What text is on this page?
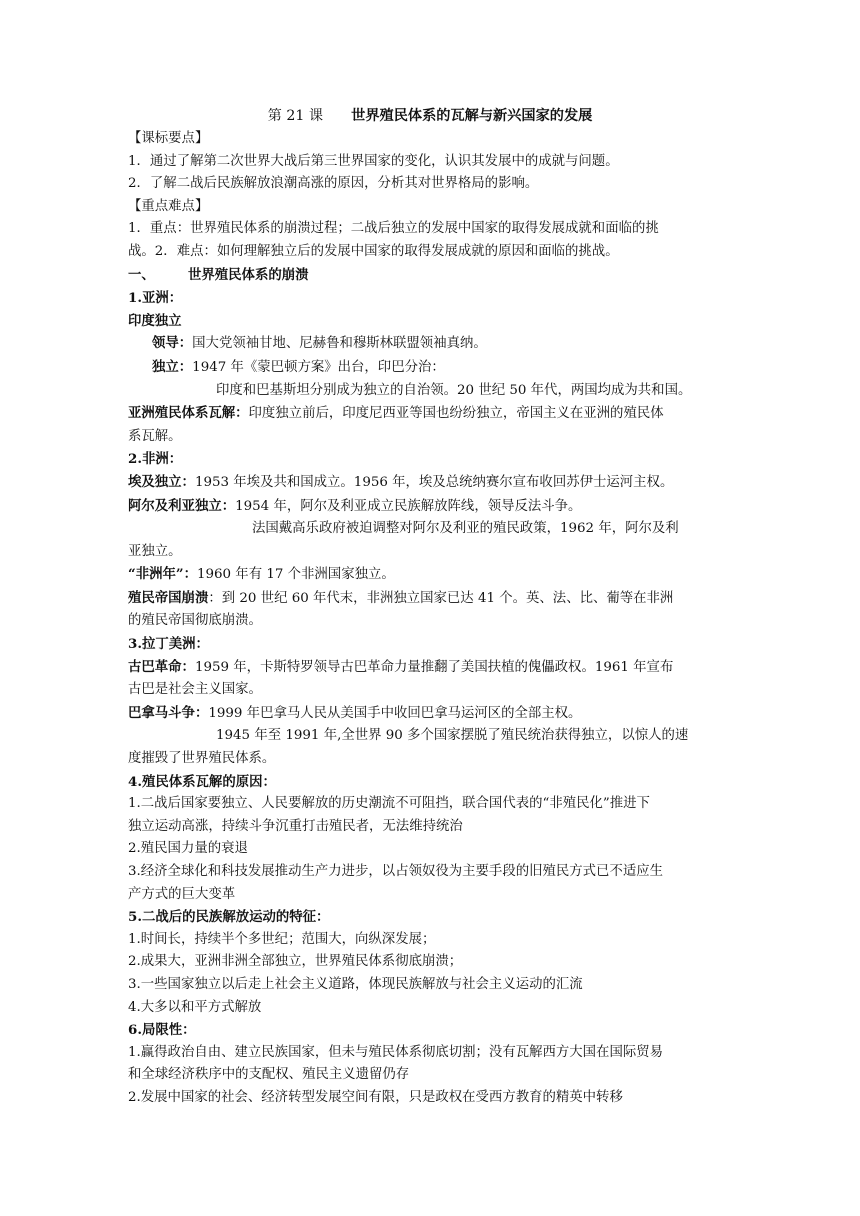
第 21 课 世界殖民体系的瓦解与新兴国家的发展
【课标要点】
1．通过了解第二次世界大战后第三世界国家的变化，认识其发展中的成就与问题。
2．了解二战后民族解放浪潮高涨的原因，分析其对世界格局的影响。
【重点难点】
1．重点：世界殖民体系的崩溃过程；二战后独立的发展中国家的取得发展成就和面临的挑
战。2．难点：如何理解独立后的发展中国家的取得发展成就的原因和面临的挑战。
一、 世界殖民体系的崩溃
1.亚洲：
印度独立
领导：国大党领袖甘地、尼赫鲁和穆斯林联盟领袖真纳。
独立：1947 年《蒙巴顿方案》出台，印巴分治：
印度和巴基斯坦分别成为独立的自治领。20 世纪 50 年代，两国均成为共和国。
亚洲殖民体系瓦解：印度独立前后，印度尼西亚等国也纷纷独立，帝国主义在亚洲的殖民体
系瓦解。
2.非洲：
埃及独立：1953 年埃及共和国成立。1956 年，埃及总统纳赛尔宣布收回苏伊士运河主权。
阿尔及利亚独立：1954 年，阿尔及利亚成立民族解放阵线，领导反法斗争。
法国戴高乐政府被迫调整对阿尔及利亚的殖民政策，1962 年，阿尔及利
亚独立。
“非洲年”：1960 年有 17 个非洲国家独立。
殖民帝国崩溃：到 20 世纪 60 年代末，非洲独立国家已达 41 个。英、法、比、葡等在非洲
的殖民帝国彻底崩溃。
3.拉丁美洲：
古巴革命：1959 年，卡斯特罗领导古巴革命力量推翻了美国扶植的傀儡政权。1961 年宣布
古巴是社会主义国家。
巴拿马斗争：1999 年巴拿马人民从美国手中收回巴拿马运河区的全部主权。
1945 年至 1991 年,全世界 90 多个国家摆脱了殖民统治获得独立，以惊人的速
度摧毁了世界殖民体系。
4.殖民体系瓦解的原因：
1.二战后国家要独立、人民要解放的历史潮流不可阻挡，联合国代表的“非殖民化”推进下
独立运动高涨，持续斗争沉重打击殖民者，无法维持统治
2.殖民国力量的衰退
3.经济全球化和科技发展推动生产力进步，以占领奴役为主要手段的旧殖民方式已不适应生
产方式的巨大变革
5.二战后的民族解放运动的特征：
1.时间长，持续半个多世纪；范围大，向纵深发展；
2.成果大，亚洲非洲全部独立，世界殖民体系彻底崩溃；
3.一些国家独立以后走上社会主义道路，体现民族解放与社会主义运动的汇流
4.大多以和平方式解放
6.局限性：
1.赢得政治自由、建立民族国家，但未与殖民体系彻底切割；没有瓦解西方大国在国际贸易
和全球经济秩序中的支配权、殖民主义遗留仍存
2.发展中国家的社会、经济转型发展空间有限，只是政权在受西方教育的精英中转移
